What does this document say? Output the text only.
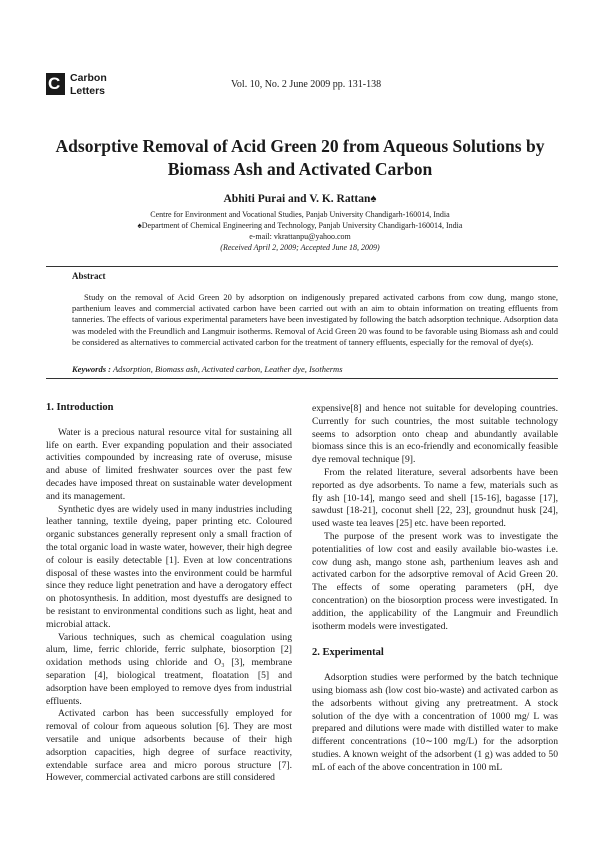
C Carbon
Letters	Vol. 10, No. 2 June 2009 pp. 131-138
Adsorptive Removal of Acid Green 20 from Aqueous Solutions by Biomass Ash and Activated Carbon
Abhiti Purai and V. K. Rattan♠
Centre for Environment and Vocational Studies, Panjab University Chandigarh-160014, India
♠Department of Chemical Engineering and Technology, Panjab University Chandigarh-160014, India
e-mail: vkrattanpu@yahoo.com
(Received April 2, 2009; Accepted June 18, 2009)
Abstract
Study on the removal of Acid Green 20 by adsorption on indigenously prepared activated carbons from cow dung, mango stone, parthenium leaves and commercial activated carbon have been carried out with an aim to obtain information on treating effluents from tanneries. The effects of various experimental parameters have been investigated by following the batch adsorption technique. Adsorption data was modeled with the Freundlich and Langmuir isotherms. Removal of Acid Green 20 was found to be favorable using Biomass ash and could be considered as alternatives to commercial activated carbon for the treatment of tannery effluents, especially for the removal of dye(s).
Keywords : Adsorption, Biomass ash, Activated carbon, Leather dye, Isotherms
1. Introduction

Water is a precious natural resource vital for sustaining all life on earth. Ever expanding population and their associated activities compounded by increasing rate of overuse, misuse and abuse of limited freshwater sources over the past few decades have imposed threat on sustainable water development and its management.

Synthetic dyes are widely used in many industries including leather tanning, textile dyeing, paper printing etc. Coloured organic substances generally represent only a small fraction of the total organic load in waste water, however, their high degree of colour is easily detectable [1]. Even at low concentrations disposal of these wastes into the environment could be harmful since they reduce light penetration and have a derogatory effect on photosynthesis. In addition, most dyestuffs are designed to be resistant to environmental conditions such as light, heat and microbial attack.

Various techniques, such as chemical coagulation using alum, lime, ferric chloride, ferric sulphate, biosorption [2] oxidation methods using chloride and O₃ [3], membrane separation [4], biological treatment, floatation [5] and adsorption have been employed to remove dyes from industrial effluents.

Activated carbon has been successfully employed for removal of colour from aqueous solution [6]. They are most versatile and unique adsorbents because of their high adsorption capacities, high degree of surface reactivity, extendable surface area and micro porous structure [7]. However, commercial activated carbons are still considered

expensive[8] and hence not suitable for developing countries. Currently for such countries, the most suitable technology seems to adsorption onto cheap and abundantly available biomass since this is an eco-friendly and economically feasible dye removal technique [9].

From the related literature, several adsorbents have been reported as dye adsorbents. To name a few, materials such as fly ash [10-14], mango seed and shell [15-16], bagasse [17], sawdust [18-21], coconut shell [22, 23], groundnut husk [24], used waste tea leaves [25] etc. have been reported.

The purpose of the present work was to investigate the potentialities of low cost and easily available bio-wastes i.e. cow dung ash, mango stone ash, parthenium leaves ash and activated carbon for the adsorptive removal of Acid Green 20. The effects of some operating parameters (pH, dye concentration) on the biosorption process were investigated. In addition, the applicability of the Langmuir and Freundlich isotherm models were investigated.

2. Experimental

Adsorption studies were performed by the batch technique using biomass ash (low cost bio-waste) and activated carbon as the adsorbents without giving any pretreatment. A stock solution of the dye with a concentration of 1000 mg/ L was prepared and dilutions were made with distilled water to make different concentrations (10∼100 mg/L) for the adsorption studies. A known weight of the adsorbent (1 g) was added to 50 mL of each of the above concentration in 100 mL
